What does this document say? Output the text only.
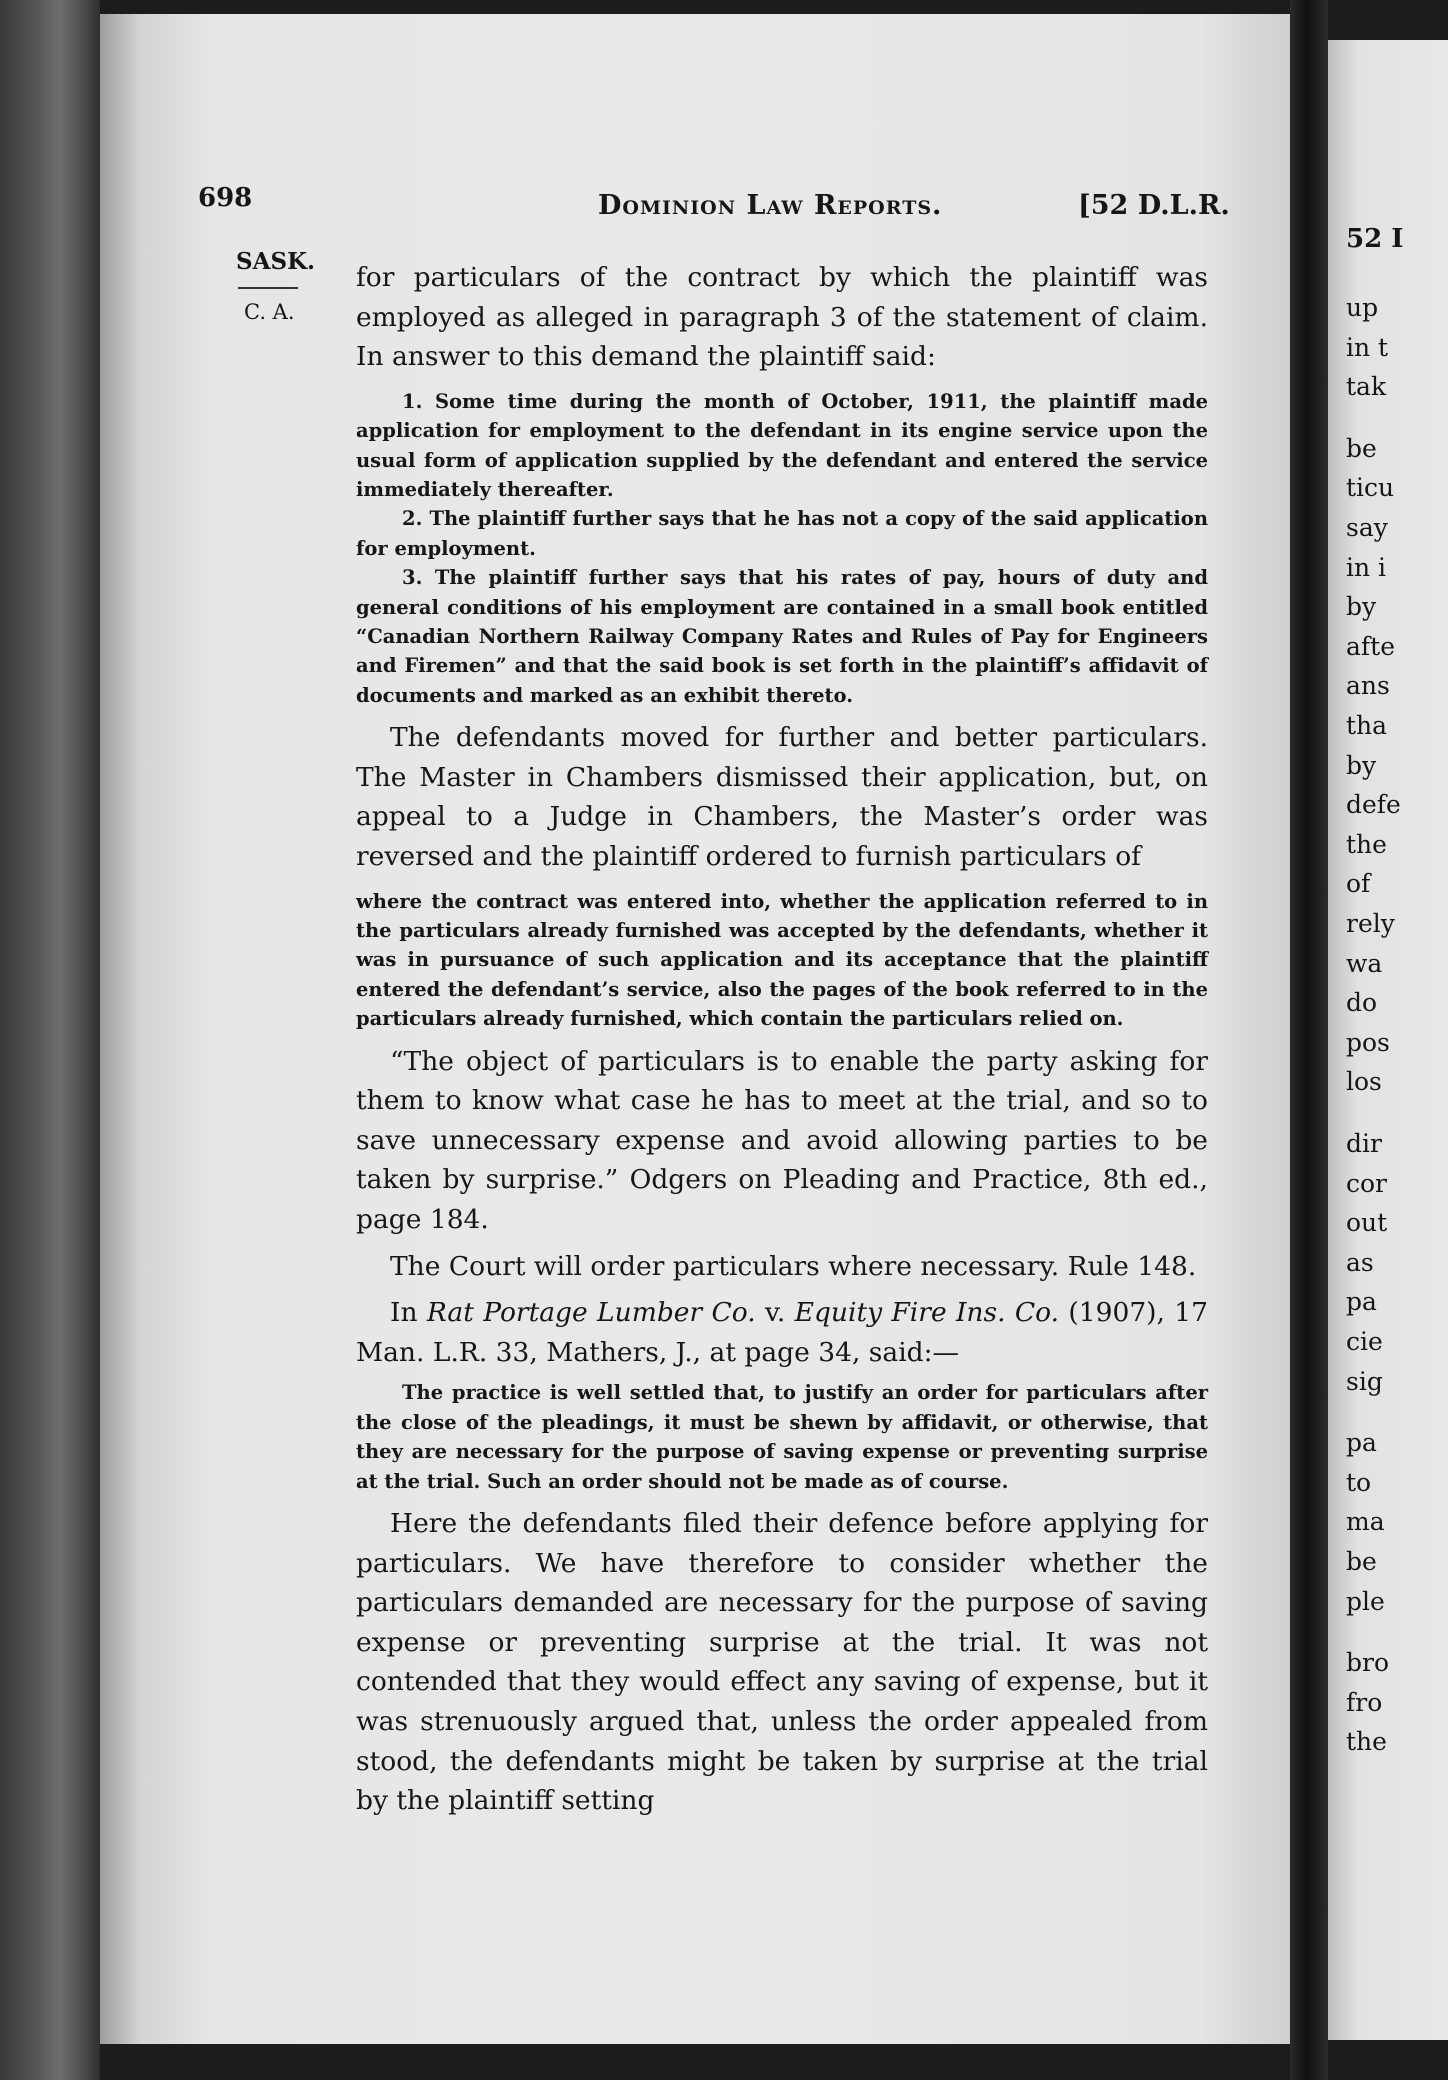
698	Dominion Law Reports.	[52 D.L.R.
SASK.
C. A.

for particulars of the contract by which the plaintiff was employed as alleged in paragraph 3 of the statement of claim. In answer to this demand the plaintiff said:

1. Some time during the month of October, 1911, the plaintiff made application for employment to the defendant in its engine service upon the usual form of application supplied by the defendant and entered the service immediately thereafter.

2. The plaintiff further says that he has not a copy of the said application for employment.

3. The plaintiff further says that his rates of pay, hours of duty and general conditions of his employment are contained in a small book entitled “Canadian Northern Railway Company Rates and Rules of Pay for Engineers and Firemen” and that the said book is set forth in the plaintiff’s affidavit of documents and marked as an exhibit thereto.

The defendants moved for further and better particulars. The Master in Chambers dismissed their application, but, on appeal to a Judge in Chambers, the Master’s order was reversed and the plaintiff ordered to furnish particulars of

where the contract was entered into, whether the application referred to in the particulars already furnished was accepted by the defendants, whether it was in pursuance of such application and its acceptance that the plaintiff entered the defendant’s service, also the pages of the book referred to in the particulars already furnished, which contain the particulars relied on.

“The object of particulars is to enable the party asking for them to know what case he has to meet at the trial, and so to save unnecessary expense and avoid allowing parties to be taken by surprise.” Odgers on Pleading and Practice, 8th ed., page 184.

The Court will order particulars where necessary. Rule 148.

In Rat Portage Lumber Co. v. Equity Fire Ins. Co. (1907), 17 Man. L.R. 33, Mathers, J., at page 34, said:—

The practice is well settled that, to justify an order for particulars after the close of the pleadings, it must be shewn by affidavit, or otherwise, that they are necessary for the purpose of saving expense or preventing surprise at the trial. Such an order should not be made as of course.

Here the defendants filed their defence before applying for particulars. We have therefore to consider whether the particulars demanded are necessary for the purpose of saving expense or preventing surprise at the trial. It was not contended that they would effect any saving of expense, but it was strenuously argued that, unless the order appealed from stood, the defendants might be taken by surprise at the trial by the plaintiff setting

52 I
up
in t
tak
be
ticu
say
in i
by
afte
ans
tha
by
defe
the
of
rely
wa
do
pos
los
dir
cor
out
as
pa
cie
sig
pa
to
ma
be
ple
bro
fro
the
